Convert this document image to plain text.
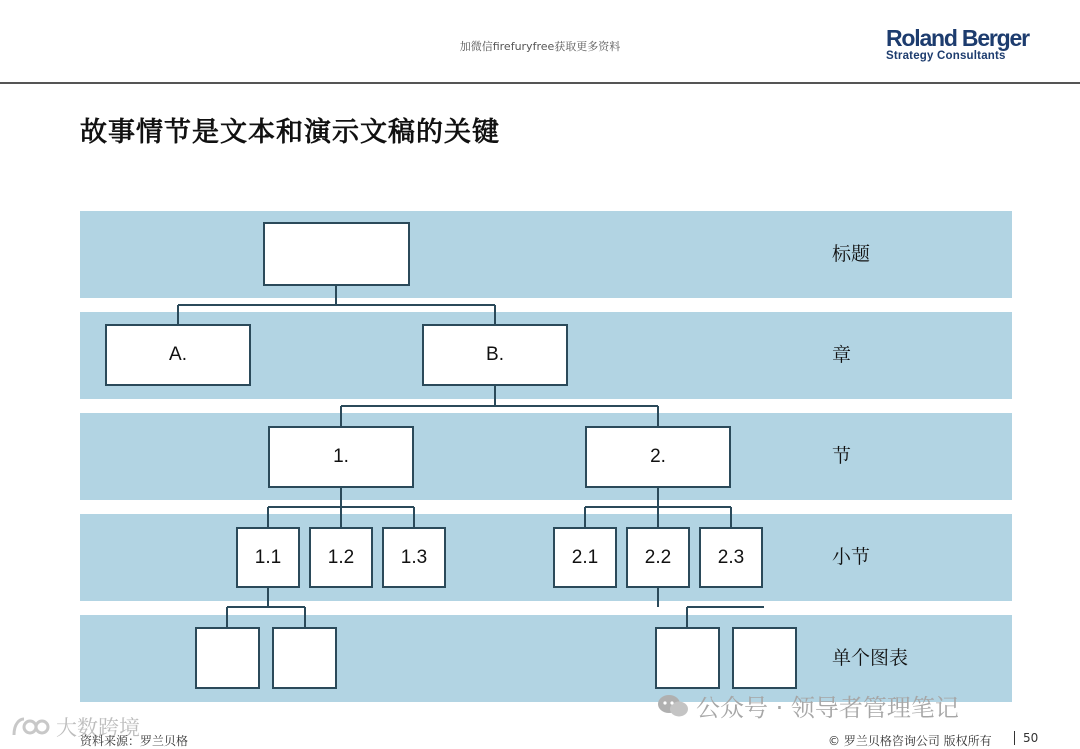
加微信firefuryfree获取更多资料	Roland Berger
Strategy Consultants
故事情节是文本和演示文稿的关键
标题
章
节
小节
单个图表
A.	B.
1.	2.
1.1	1.2	1.3	2.1	2.2	2.3
公众号 · 领导者管理笔记
大数跨境
资料来源：罗兰贝格	© 罗兰贝格咨询公司 版权所有	50
